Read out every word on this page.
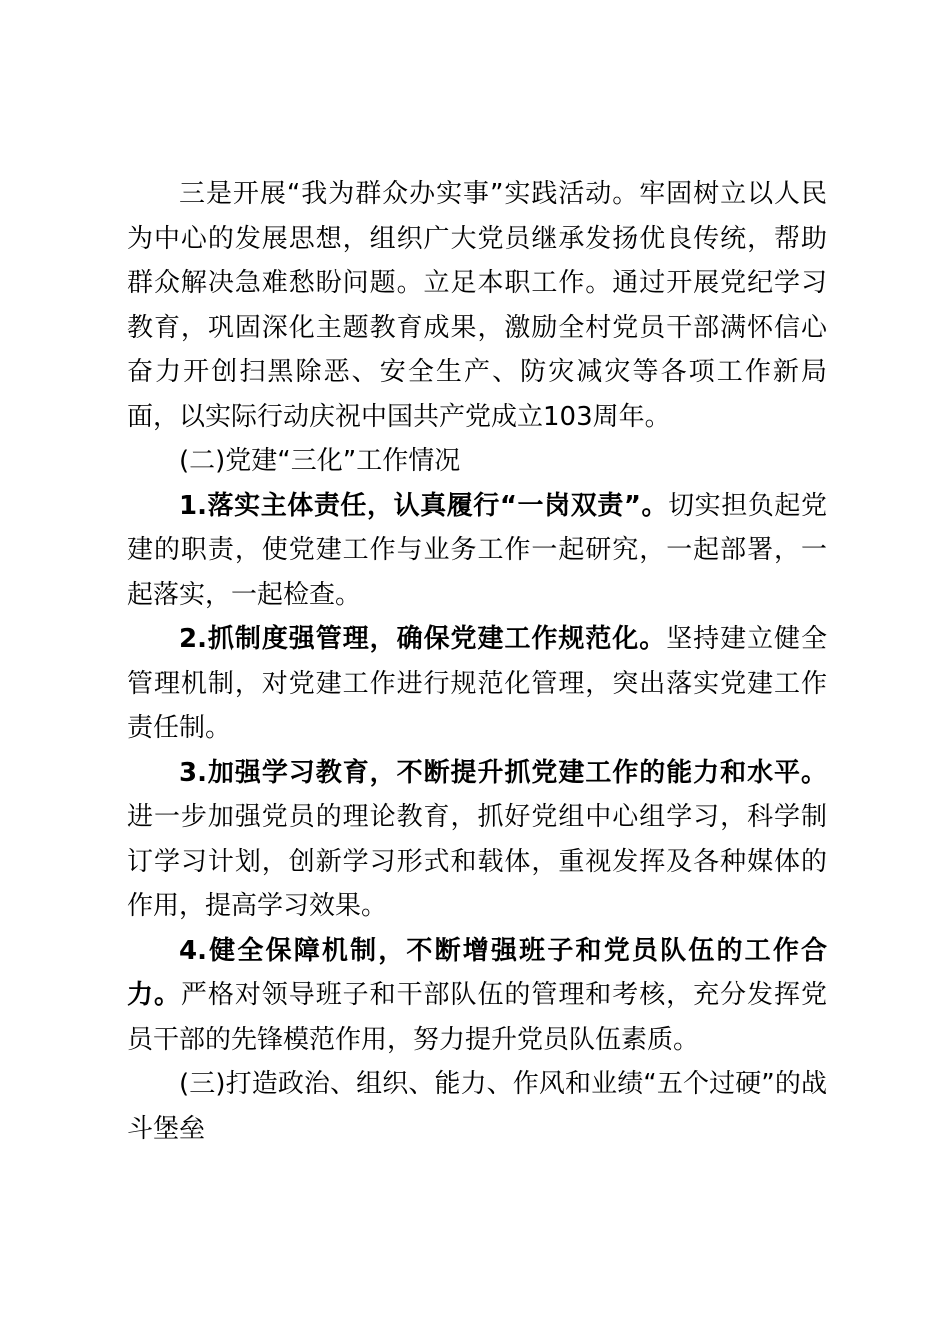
三是开展“我为群众办实事”实践活动。牢固树立以人民为中心的发展思想，组织广大党员继承发扬优良传统，帮助群众解决急难愁盼问题。立足本职工作。通过开展党纪学习教育，巩固深化主题教育成果，激励全村党员干部满怀信心奋力开创扫黑除恶、安全生产、防灾减灾等各项工作新局面，以实际行动庆祝中国共产党成立103周年。

(二)党建“三化”工作情况

1.落实主体责任，认真履行“一岗双责”。切实担负起党建的职责，使党建工作与业务工作一起研究，一起部署，一起落实，一起检查。

2.抓制度强管理，确保党建工作规范化。坚持建立健全管理机制，对党建工作进行规范化管理，突出落实党建工作责任制。

3.加强学习教育，不断提升抓党建工作的能力和水平。进一步加强党员的理论教育，抓好党组中心组学习，科学制订学习计划，创新学习形式和载体，重视发挥及各种媒体的作用，提高学习效果。

4.健全保障机制，不断增强班子和党员队伍的工作合力。严格对领导班子和干部队伍的管理和考核，充分发挥党员干部的先锋模范作用，努力提升党员队伍素质。

(三)打造政治、组织、能力、作风和业绩“五个过硬”的战斗堡垒
